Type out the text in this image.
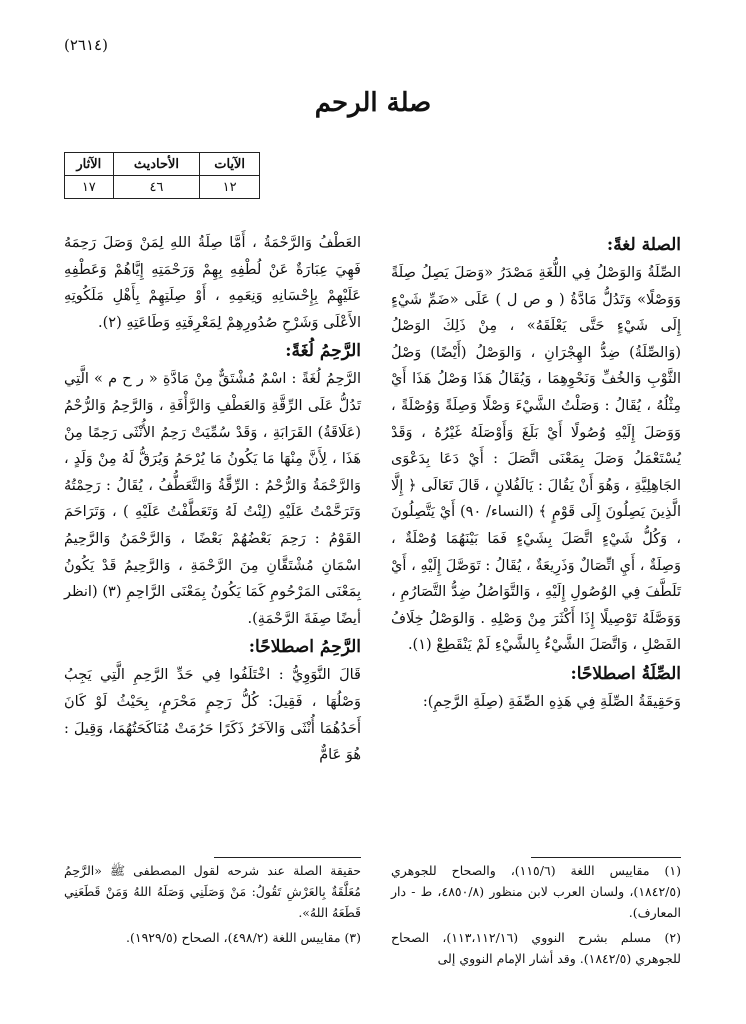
(٢٦١٤)
صلة الرحم
الآيات	الأحاديث	الآثار
١٢	٤٦	١٧
الصلة لغةً:

الصِّلَةُ وَالوَصْلُ فِي اللُّغَةِ مَصْدَرُ «وَصَلَ يَصِلُ صِلَةً وَوَصْلًا» وَتَدُلُّ مَادَّةُ ( و ص ل ) عَلَى «ضَمِّ شَيْءٍ إِلَى شَيْءٍ حَتَّى يَعْلَقَهُ» ، مِنْ ذَلِكَ الوَصْلُ (وَالصِّلَةُ) ضِدُّ الهِجْرَانِ ، وَالوَصْلُ (أَيْضًا) وَصْلُ الثَّوْبِ وَالخُفِّ وَنَحْوِهِمَا ، وَيُقَالُ هَذَا وَصْلُ هَذَا أَيْ مِثْلُهُ ، يُقَالُ : وَصَلْتُ الشَّيْءَ وَصْلًا وَصِلَةً وَوُصْلَةً ، وَوَصَلَ إِلَيْهِ وُصُولًا أَيْ بَلَغَ وَأَوْصَلَهُ غَيْرُهُ ، وَقَدْ يُسْتَعْمَلُ وَصَلَ بِمَعْنَى اتَّصَلَ : أَيْ دَعَا بِدَعْوَى الجَاهِلِيَّةِ ، وَهُوَ أَنْ يَقُالَ : يَالَفُلانٍ ، قَالَ تَعَالَى ﴿ إِلَّا الَّذِينَ يَصِلُونَ إِلَى قَوْمٍ ﴾ (النساء/ ٩٠) أَيْ يَتَّصِلُونَ ، وَكُلُّ شَيْءٍ اتَّصَلَ بِشَيْءٍ فَمَا بَيْنَهُمَا وُصْلَةٌ ، وَصِلَةٌ ، أَيِ اتِّصَالٌ وَذَرِيعَةٌ ، يُقَالُ : تَوَصَّلَ إِلَيْهِ ، أَيْ تَلَطَّفَ فِي الوُصُولِ إِلَيْهِ ، وَالتَّوَاصُلُ ضِدُّ التَّصَارُمِ ، وَوَصَّلَهُ تَوْصِيلًا إِذَا أَكْثَرَ مِنْ وَصْلِهِ . وَالوَصْلُ خِلَافُ الفَصْلِ ، وَاتَّصَلَ الشَّيْءُ بِالشَّيْءِ لَمْ يَنْقَطِعْ (١).

الصِّلَةُ اصطلاحًا:

وَحَقِيقَةُ الصِّلَةِ فِي هَذِهِ الصِّفَةِ (صِلَةِ الرَّحِمِ):

العَطْفُ وَالرَّحْمَةُ ، أَمَّا صِلَةُ اللهِ لِمَنْ وَصَلَ رَحِمَهُ فَهِيَ عِبَارَةٌ عَنْ لُطْفِهِ بِهِمْ وَرَحْمَتِهِ إِيَّاهُمْ وَعَطْفِهِ عَلَيْهِمْ بِإِحْسَانِهِ وَنِعَمِهِ ، أَوْ صِلَتِهِمْ بِأَهْلِ مَلَكُوتِهِ الأَعْلَى وَشَرْحِ صُدُورِهِمْ لِمَعْرِفَتِهِ وَطَاعَتِهِ (٢).

الرَّحِمُ لُغَةً:

الرَّحِمُ لُغَةً : اسْمٌ مُشْتَقٌّ مِنْ مَادَّةِ « ر ح م » الَّتِي تَدُلُّ عَلَى الرِّقَّةِ وَالعَطْفِ وَالرَّأْفَةِ ، وَالرَّحِمُ وَالرُّحْمُ (عَلَاقَةُ) القَرَابَةِ ، وَقَدْ سُمِّيَتْ رَحِمُ الأُنْثَى رَحِمًا مِنْ هَذَا ، لِأَنَّ مِنْهَا مَا يَكُونُ مَا يُرْحَمُ وَيُرَقُّ لَهُ مِنْ وَلَدٍ ، وَالرَّحْمَةُ وَالرُّحْمُ : الرِّقَّةُ وَالتَّعَطُّفُ ، يُقَالُ : رَحِمْتُهُ وَتَرَحَّمْتُ عَلَيْهِ (لِنْتُ لَهُ وَتَعَطَّفْتُ عَلَيْهِ ) ، وَتَرَاحَمَ القَوْمُ : رَحِمَ بَعْضُهُمْ بَعْضًا ، وَالرَّحْمَنُ وَالرَّحِيمُ اسْمَانِ مُشْتَقَّانِ مِنَ الرَّحْمَةِ ، وَالرَّحِيمُ قَدْ يَكُونُ بِمَعْنَى المَرْحُومِ كَمَا يَكُونُ بِمَعْنَى الرَّاحِمِ (٣) (انظر أيضًا صِفَةَ الرَّحْمَةِ).

الرَّحِمُ اصطلاحًا:

قَالَ النَّوَوِيُّ : اخْتَلَفُوا فِي حَدِّ الرَّحِمِ الَّتِي يَجِبُ وَصْلُهَا ، فَقِيلَ: كُلُّ رَحِمٍ مَحْرَمٍ، بِحَيْثُ لَوْ كَانَ أَحَدُهُمَا أُنْثَى وَالآخَرُ ذَكَرًا حَرُمَتْ مُنَاكَحَتُهُمَا، وَقِيلَ : هُوَ عَامٌّ

(١) مقاييس اللغة (١١٥/٦)، والصحاح للجوهري (١٨٤٢/٥)، ولسان العرب لابن منظور (٤٨٥٠/٨، ط - دار المعارف).

(٢) مسلم بشرح النووي (١١٣،١١٢/١٦)، الصحاح للجوهري (١٨٤٢/٥). وقد أشار الإمام النووي إلى

حقيقة الصلة عند شرحه لقول المصطفى ﷺ «الرَّحِمُ مُعَلَّقَةٌ بِالعَرْشِ تَقُولُ: مَنْ وَصَلَنِي وَصَلَهُ اللهُ وَمَنْ قَطَعَنِي قَطَعَهُ اللهُ».

(٣) مقاييس اللغة (٤٩٨/٢)، الصحاح (١٩٢٩/٥).
